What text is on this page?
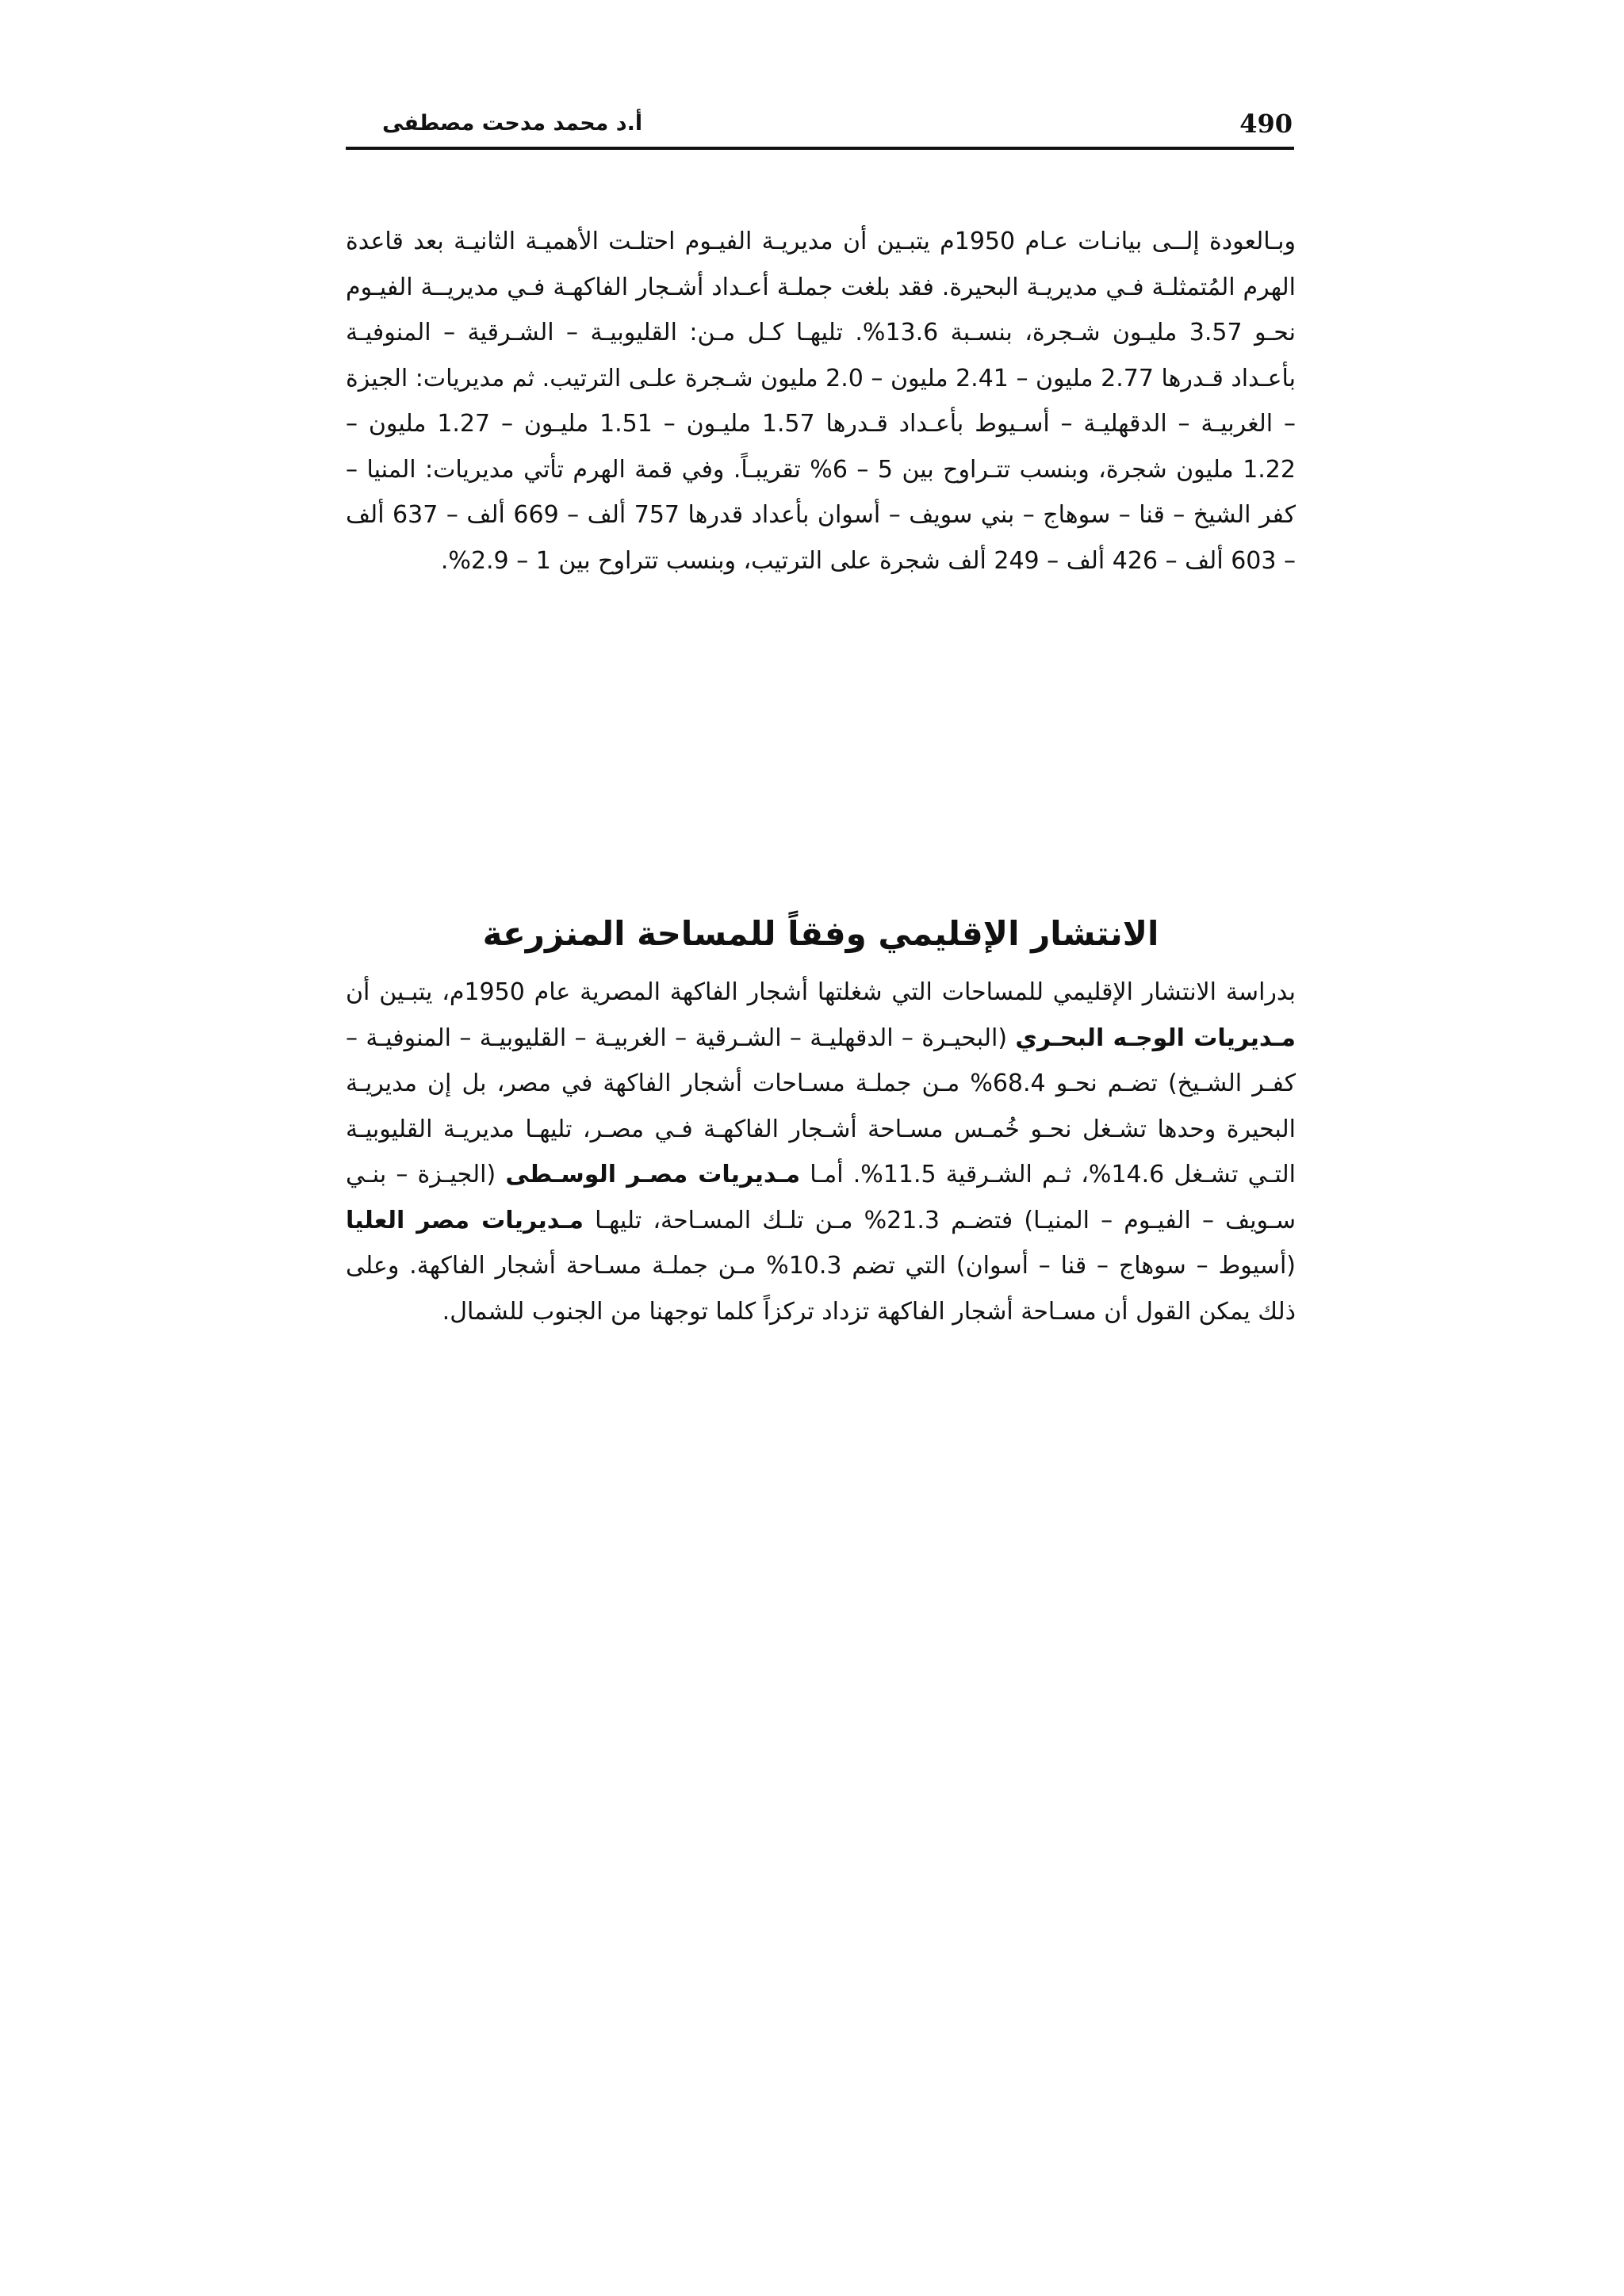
490
أ.د محمد مدحت مصطفى

وبـالعودة إلــى بيانـات عـام 1950م يتبـين أن مديريـة الفيـوم احتلـت الأهميـة الثانيـة بعد قاعدة الهرم المُتمثلـة فـي مديريـة البحيرة. فقد بلغت جملـة أعـداد أشـجار الفاكهـة فـي مديريــة الفيـوم نحـو 3.57 مليـون شـجرة، بنسـبة 13.6%. تليهـا كـل مـن: القليوبيـة – الشـرقية – المنوفيـة بأعـداد قـدرها 2.77 مليون – 2.41 مليون – 2.0 مليون شـجرة علـى الترتيب. ثم مديريات: الجيزة – الغربيـة – الدقهليـة – أسـيوط بأعـداد قـدرها 1.57 مليـون – 1.51 مليـون – 1.27 مليون – 1.22 مليون شجرة، وبنسب تتـراوح بين 5 – 6% تقريبـاً. وفي قمة الهرم تأتي مديريات: المنيا – كفر الشيخ – قنا – سوهاج – بني سويف – أسوان بأعداد قدرها 757 ألف – 669 ألف – 637 ألف – 603 ألف – 426 ألف – 249 ألف شجرة على الترتيب، وبنسب تتراوح بين 1 – 2.9%.

الانتشار الإقليمي وفقاً للمساحة المنزرعة

بدراسة الانتشار الإقليمي للمساحات التي شغلتها أشجار الفاكهة المصرية عام 1950م، يتبـين أن مـديريات الوجـه البحـري (البحيـرة – الدقهليـة – الشـرقية – الغربيـة – القليوبيـة – المنوفيـة – كفـر الشـيخ) تضـم نحـو 68.4% مـن جملـة مسـاحات أشجار الفاكهة في مصر، بل إن مديريـة البحيرة وحدها تشـغل نحـو خُمـس مسـاحة أشـجار الفاكهـة فـي مصـر، تليهـا مديريـة القليوبيـة التـي تشـغل 14.6%، ثـم الشـرقية 11.5%. أمـا مـديريات مصـر الوسـطى (الجيـزة – بنـي سـويف – الفيـوم – المنيـا) فتضـم 21.3% مـن تلـك المسـاحة، تليهـا مـديريات مصر العليا (أسيوط – سوهاج – قنا – أسوان) التي تضم 10.3% مـن جملـة مسـاحة أشجار الفاكهة. وعلى ذلك يمكن القول أن مسـاحة أشجار الفاكهة تزداد تركزاً كلما توجهنا من الجنوب للشمال.
